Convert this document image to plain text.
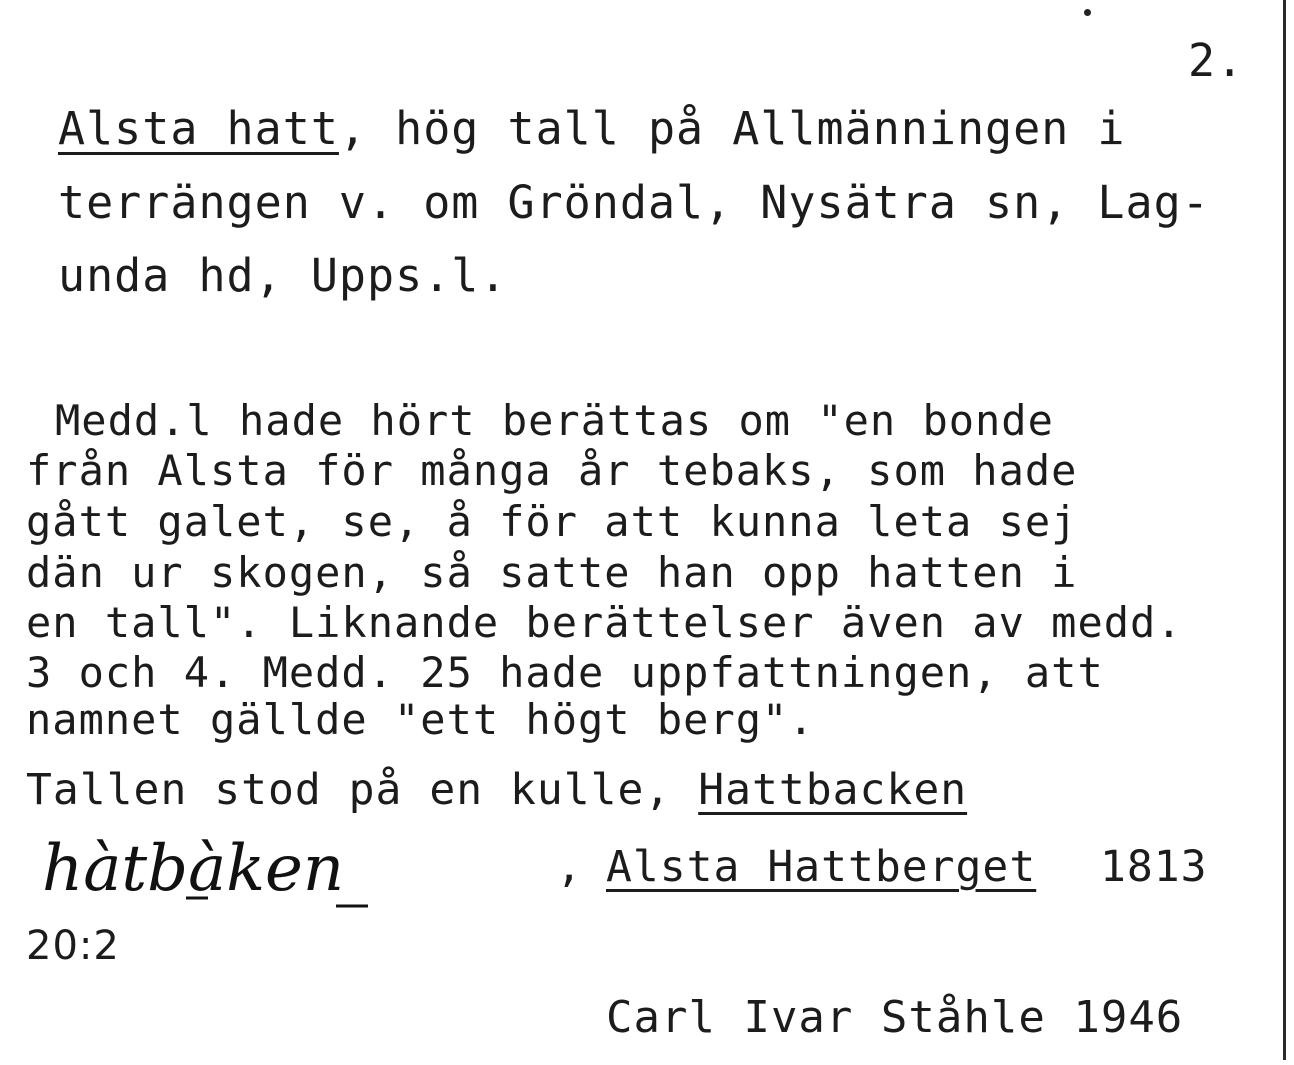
2.
Alsta hatt, hög tall på Allmänningen i
terrängen v. om Gröndal, Nysätra sn, Lag-
unda hd, Upps.l.
Medd.l hade hört berättas om "en bonde
från Alsta för många år tebaks, som hade
gått galet, se, å för att kunna leta sej
dän ur skogen, så satte han opp hatten i
en tall". Liknande berättelser även av medd.
3 och 4. Medd. 25 hade uppfattningen, att
namnet gällde "ett högt berg".
Tallen stod på en kulle, Hattbacken
hàtbàken	, Alsta Hattberget 1813
20:2
Carl Ivar Ståhle 1946
